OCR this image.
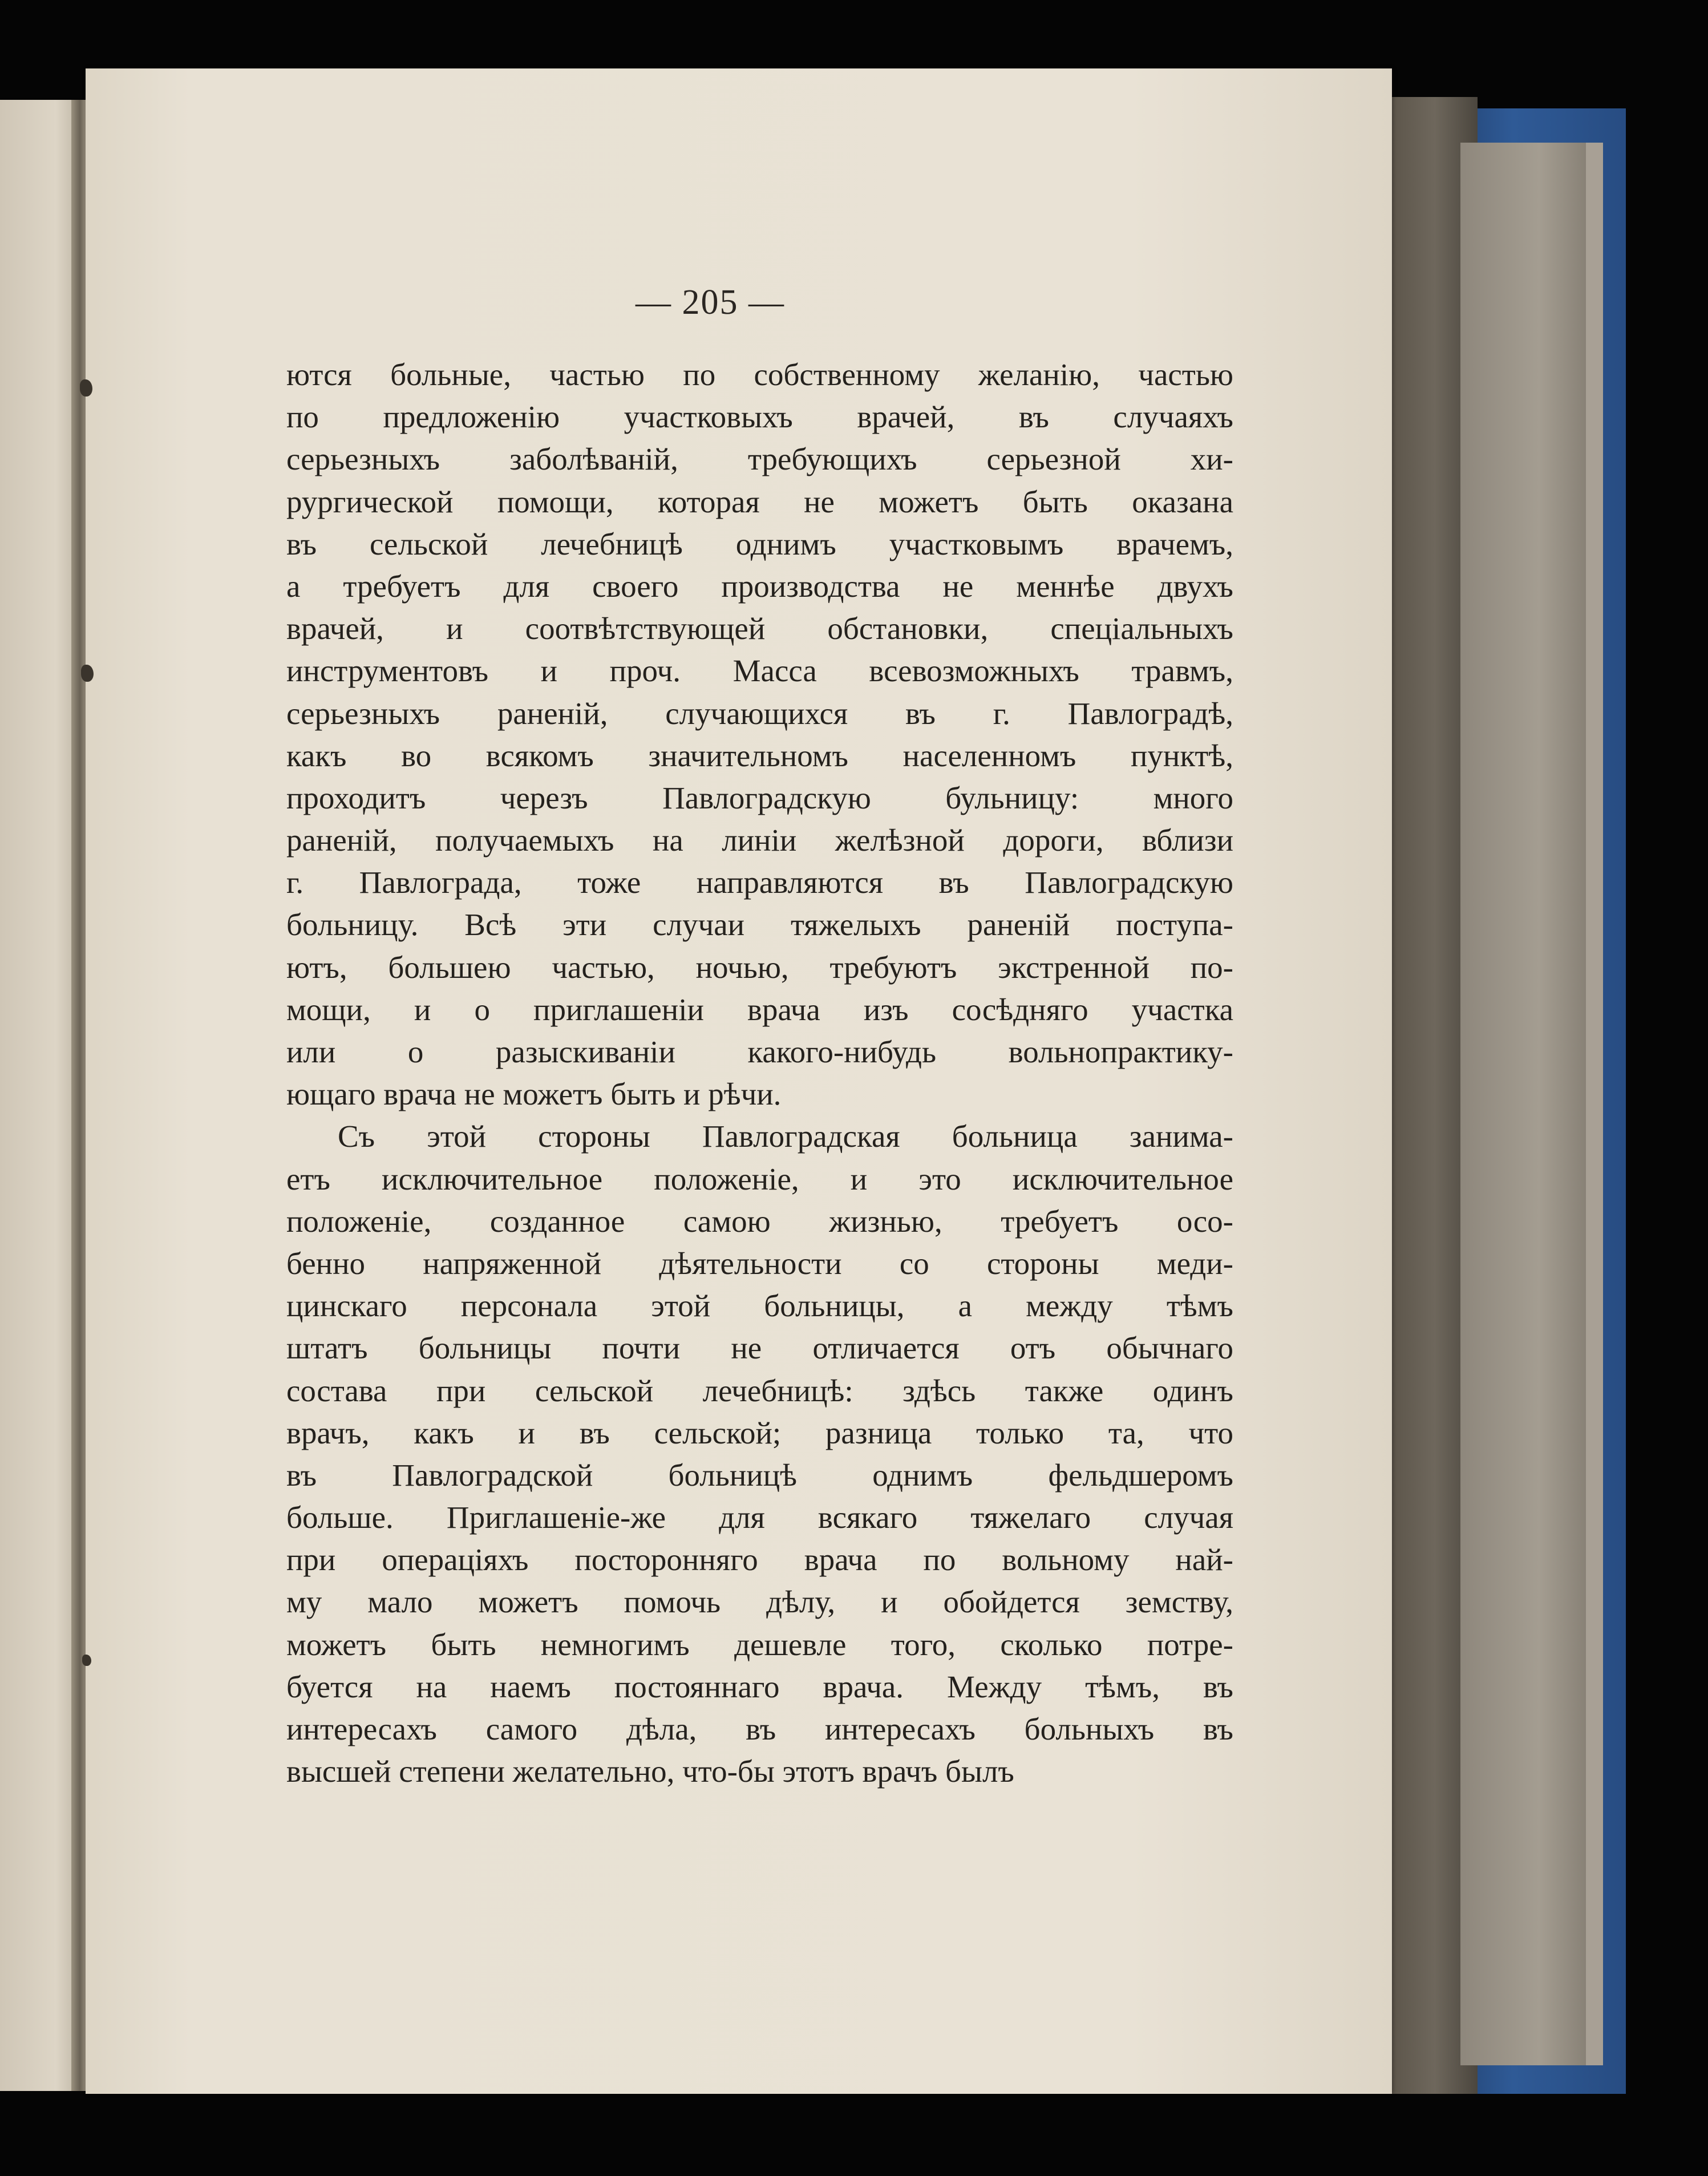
— 205 —
ются больные, частью по собственному желанію, частью
по предложенію участковыхъ врачей, въ случаяхъ
серьезныхъ заболѣваній, требующихъ серьезной хи-
рургической помощи, которая не можетъ быть оказана
въ сельской лечебницѣ однимъ участковымъ врачемъ,
а требуетъ для своего производства не меннѣе двухъ
врачей, и соотвѣтствующей обстановки, спеціальныхъ
инструментовъ и проч. Масса всевозможныхъ травмъ,
серьезныхъ раненій, случающихся въ г. Павлоградѣ,
какъ во всякомъ значительномъ населенномъ пунктѣ,
проходитъ черезъ Павлоградскую бульницу: много
раненій, получаемыхъ на линіи желѣзной дороги, вблизи
г. Павлограда, тоже направляются въ Павлоградскую
больницу. Всѣ эти случаи тяжелыхъ раненій поступа-
ютъ, большею частью, ночью, требуютъ экстренной по-
мощи, и о приглашеніи врача изъ сосѣдняго участка
или о разыскиваніи какого-нибудь вольнопрактику-
ющаго врача не можетъ быть и рѣчи.
Съ этой стороны Павлоградская больница занима-
етъ исключительное положеніе, и это исключительное
положеніе, созданное самою жизнью, требуетъ осо-
бенно напряженной дѣятельности со стороны меди-
цинскаго персонала этой больницы, а между тѣмъ
штатъ больницы почти не отличается отъ обычнаго
состава при сельской лечебницѣ: здѣсь также одинъ
врачъ, какъ и въ сельской; разница только та, что
въ Павлоградской больницѣ однимъ фельдшеромъ
больше. Приглашеніе-же для всякаго тяжелаго случая
при операціяхъ посторонняго врача по вольному най-
му мало можетъ помочь дѣлу, и обойдется земству,
можетъ быть немногимъ дешевле того, сколько потре-
буется на наемъ постояннаго врача. Между тѣмъ, въ
интересахъ самого дѣла, въ интересахъ больныхъ въ
высшей степени желательно, что-бы этотъ врачъ былъ
